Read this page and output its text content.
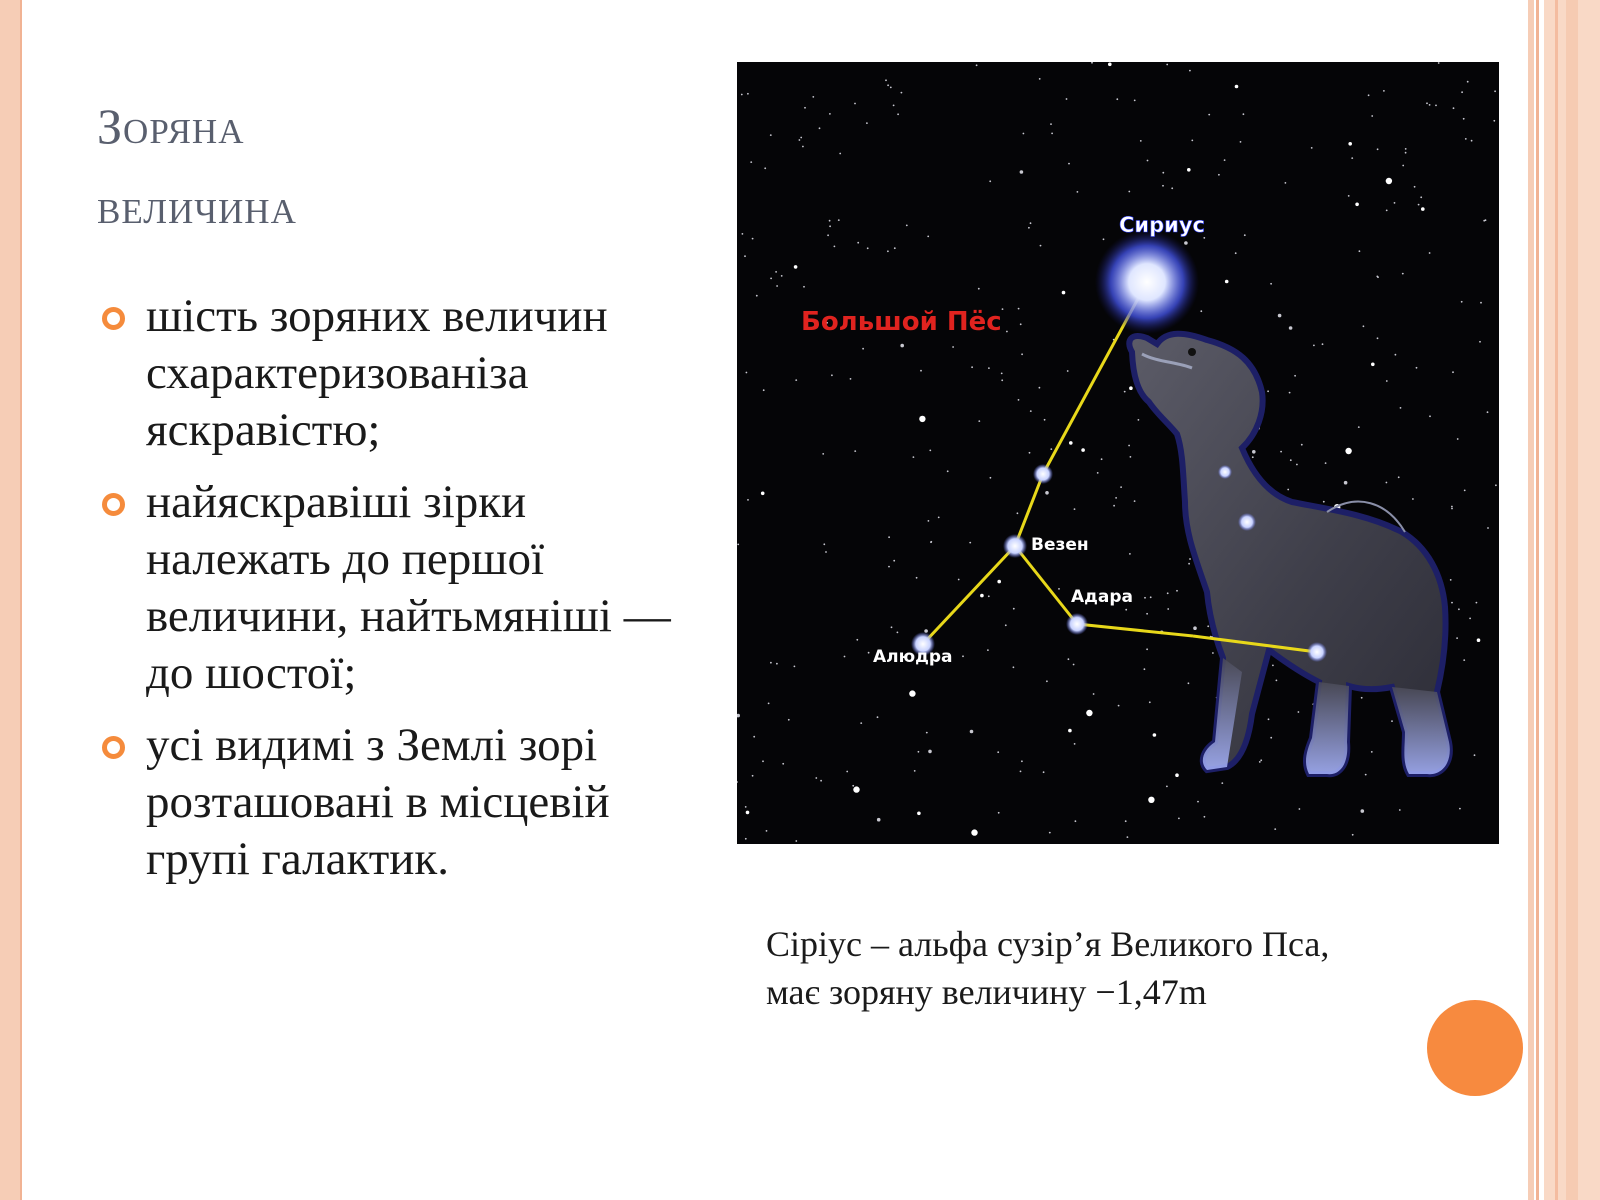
Зоряна
величина
шість зоряних величин схарактеризованіза яскравістю;
найяскравіші зірки належать до першої величини, найтьмяніші — до шостої;
усі видимі з Землі зорі розташовані в місцевій групі галактик.
Сириус
Большой Пёс
Везен
Адара
Алюдра

Сіріус – альфа сузір’я Великого Пса,
має зоряну величину −1,47m
